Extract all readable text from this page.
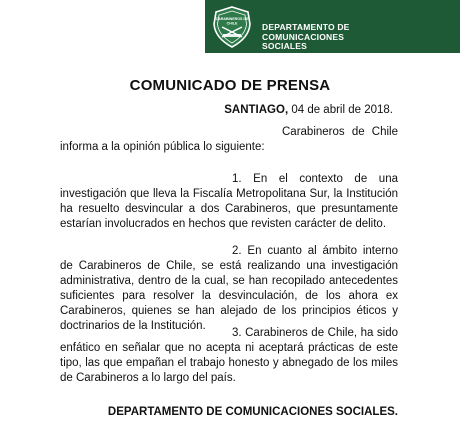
CARABINEROS DE
CHILE	DEPARTAMENTO DE
COMUNICACIONES
SOCIALES
COMUNICADO DE PRENSA
SANTIAGO, 04 de abril de 2018.

Carabineros de Chile informa a la opinión pública lo siguiente:

1. En el contexto de una investigación que lleva la Fiscalía Metropolitana Sur, la Institución ha resuelto desvincular a dos Carabineros, que presuntamente estarían involucrados en hechos que revisten carácter de delito.

2. En cuanto al ámbito interno de Carabineros de Chile, se está realizando una investigación administrativa, dentro de la cual, se han recopilado antecedentes suficientes para resolver la desvinculación, de los ahora ex Carabineros, quienes se han alejado de los principios éticos y doctrinarios de la Institución.

3. Carabineros de Chile, ha sido enfático en señalar que no acepta ni aceptará prácticas de este tipo, las que empañan el trabajo honesto y abnegado de los miles de Carabineros a lo largo del país.

DEPARTAMENTO DE COMUNICACIONES SOCIALES.
